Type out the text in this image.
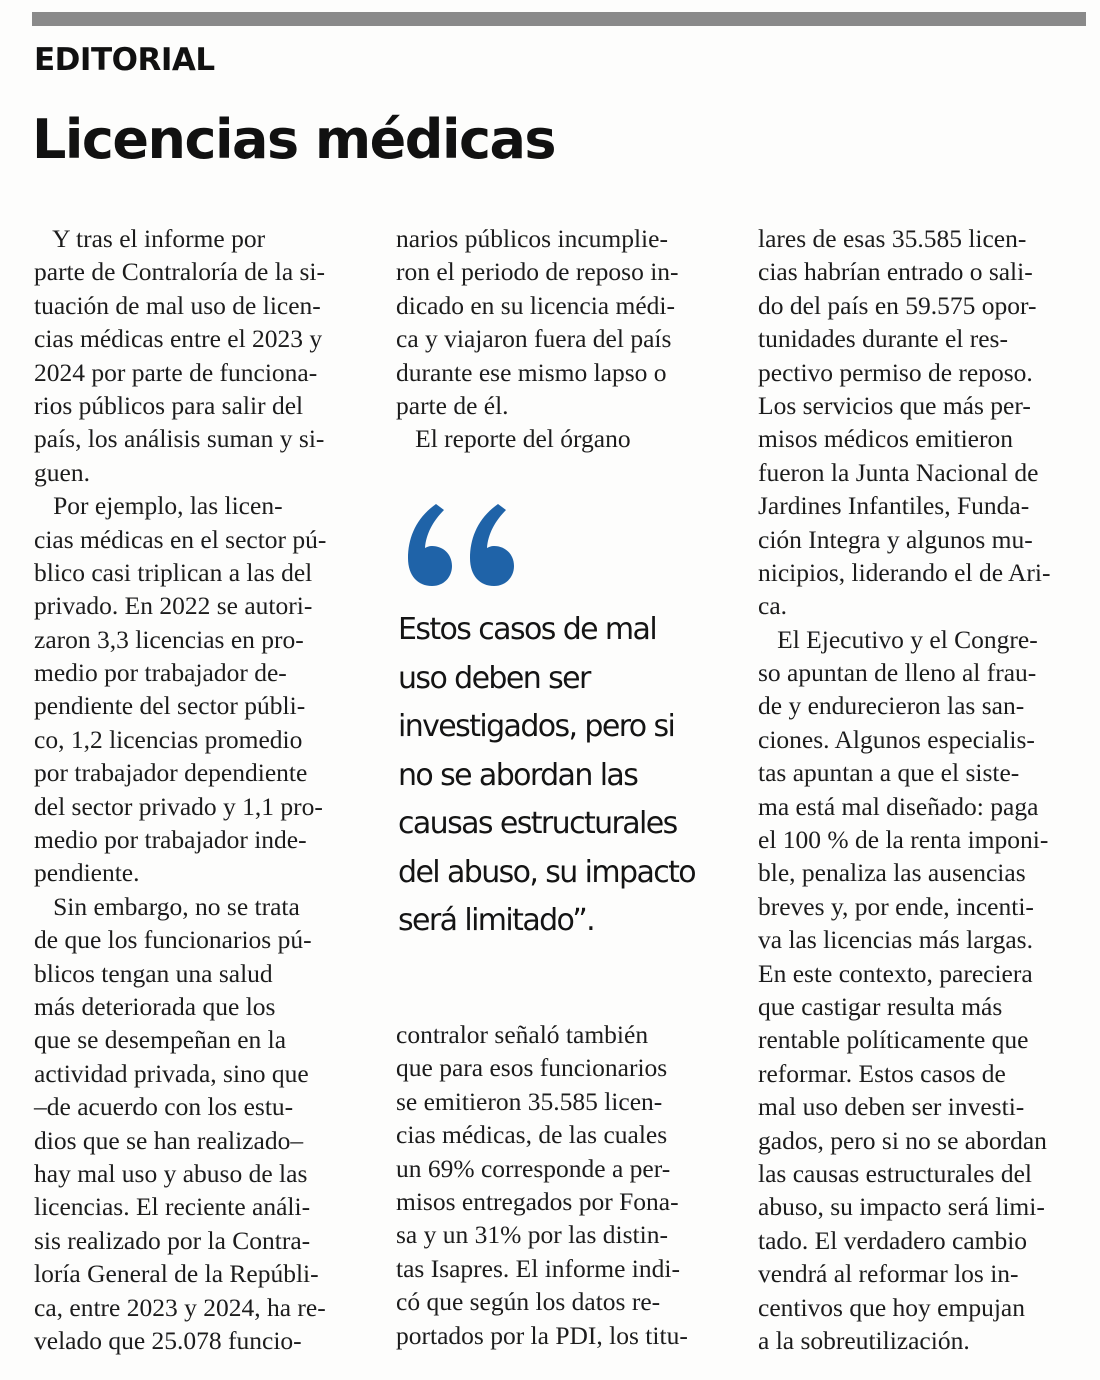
EDITORIAL
Licencias médicas
Y tras el informe por
parte de Contraloría de la si-
tuación de mal uso de licen-
cias médicas entre el 2023 y
2024 por parte de funciona-
rios públicos para salir del
país, los análisis suman y si-
guen.
Por ejemplo, las licen-
cias médicas en el sector pú-
blico casi triplican a las del
privado. En 2022 se autori-
zaron 3,3 licencias en pro-
medio por trabajador de-
pendiente del sector públi-
co, 1,2 licencias promedio
por trabajador dependiente
del sector privado y 1,1 pro-
medio por trabajador inde-
pendiente.
Sin embargo, no se trata
de que los funcionarios pú-
blicos tengan una salud
más deteriorada que los
que se desempeñan en la
actividad privada, sino que
–de acuerdo con los estu-
dios que se han realizado–
hay mal uso y abuso de las
licencias. El reciente análi-
sis realizado por la Contra-
loría General de la Repúbli-
ca, entre 2023 y 2024, ha re-
velado que 25.078 funcio-
narios públicos incumplie-
ron el periodo de reposo in-
dicado en su licencia médi-
ca y viajaron fuera del país
durante ese mismo lapso o
parte de él.
El reporte del órgano
contralor señaló también
que para esos funcionarios
se emitieron 35.585 licen-
cias médicas, de las cuales
un 69% corresponde a per-
misos entregados por Fona-
sa y un 31% por las distin-
tas Isapres. El informe indi-
có que según los datos re-
portados por la PDI, los titu-
lares de esas 35.585 licen-
cias habrían entrado o sali-
do del país en 59.575 opor-
tunidades durante el res-
pectivo permiso de reposo.
Los servicios que más per-
misos médicos emitieron
fueron la Junta Nacional de
Jardines Infantiles, Funda-
ción Integra y algunos mu-
nicipios, liderando el de Ari-
ca.
El Ejecutivo y el Congre-
so apuntan de lleno al frau-
de y endurecieron las san-
ciones. Algunos especialis-
tas apuntan a que el siste-
ma está mal diseñado: paga
el 100 % de la renta imponi-
ble, penaliza las ausencias
breves y, por ende, incenti-
va las licencias más largas.
En este contexto, pareciera
que castigar resulta más
rentable políticamente que
reformar. Estos casos de
mal uso deben ser investi-
gados, pero si no se abordan
las causas estructurales del
abuso, su impacto será limi-
tado. El verdadero cambio
vendrá al reformar los in-
centivos que hoy empujan
a la sobreutilización.
Estos casos de mal
uso deben ser
investigados, pero si
no se abordan las
causas estructurales
del abuso, su impacto
será limitado”.
